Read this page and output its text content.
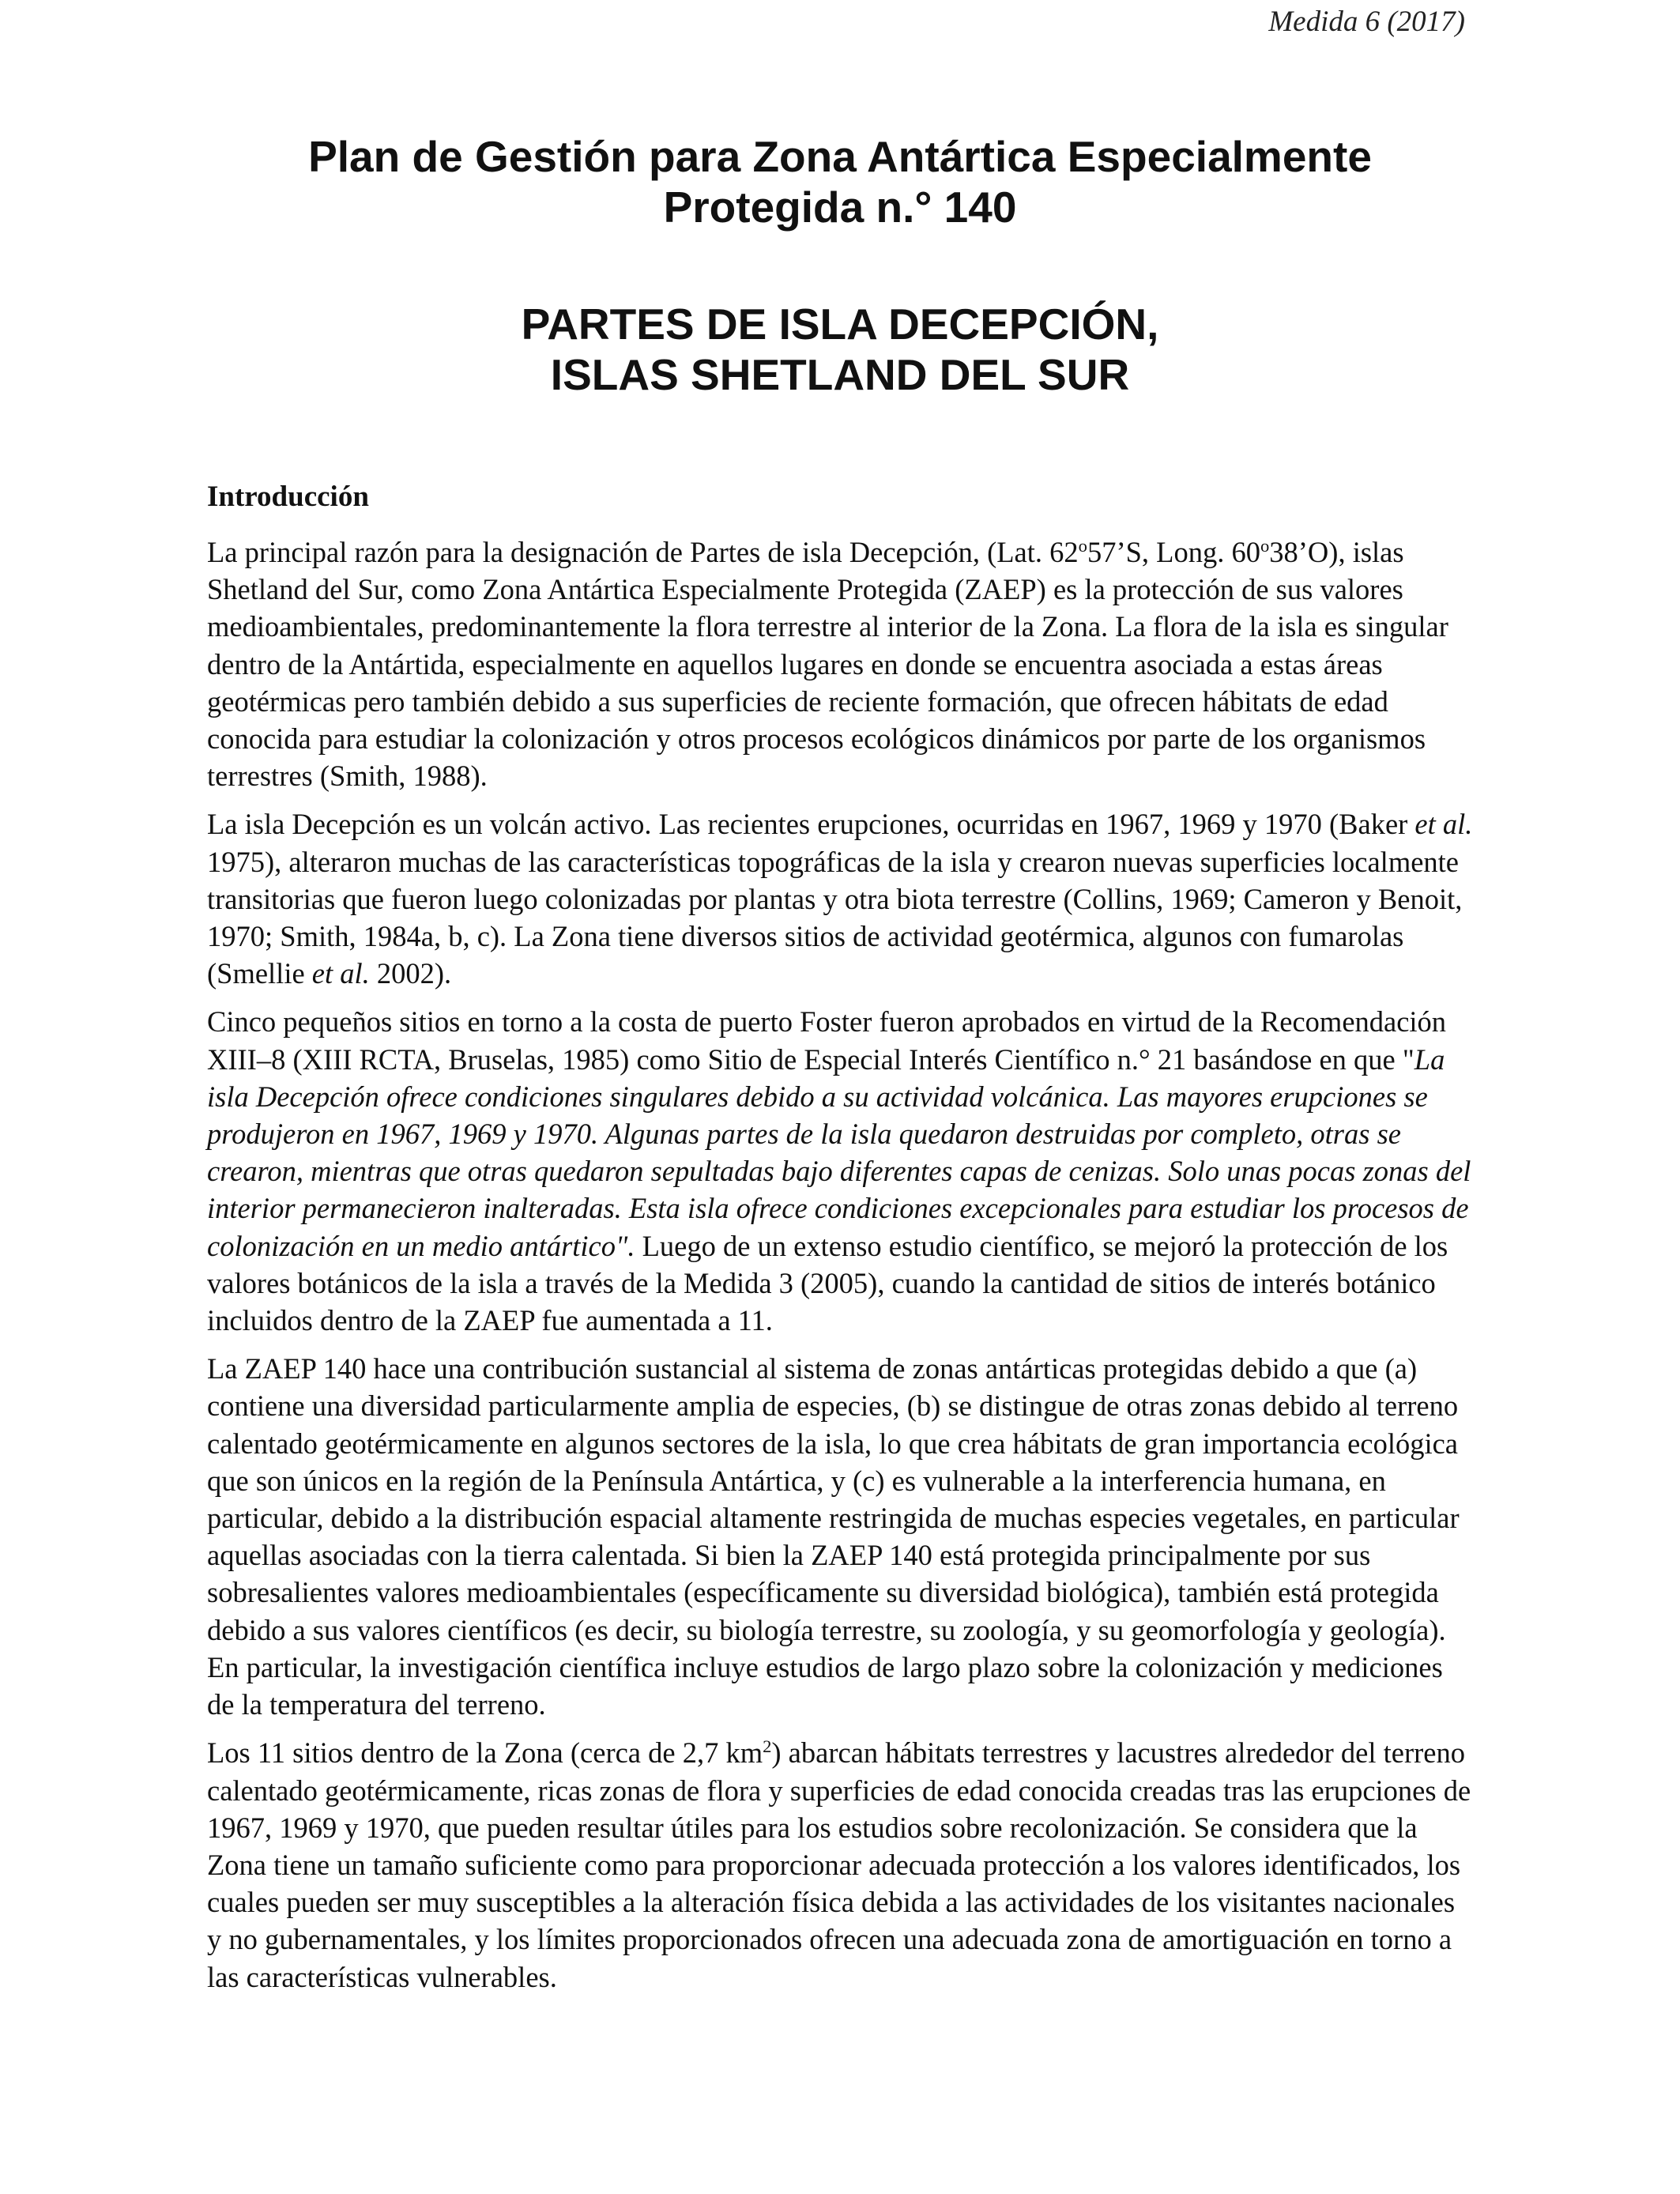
Medida 6 (2017)
Plan de Gestión para Zona Antártica Especialmente
Protegida n.° 140
PARTES DE ISLA DECEPCIÓN,
ISLAS SHETLAND DEL SUR
Introducción

La principal razón para la designación de Partes de isla Decepción, (Lat. 62$^o$57’S, Long. 60$^o$38’O), islas Shetland del Sur, como Zona Antártica Especialmente Protegida (ZAEP) es la protección de sus valores medioambientales, predominantemente la flora terrestre al interior de la Zona. La flora de la isla es singular dentro de la Antártida, especialmente en aquellos lugares en donde se encuentra asociada a estas áreas geotérmicas pero también debido a sus superficies de reciente formación, que ofrecen hábitats de edad conocida para estudiar la colonización y otros procesos ecológicos dinámicos por parte de los organismos terrestres (Smith, 1988).

La isla Decepción es un volcán activo. Las recientes erupciones, ocurridas en 1967, 1969 y 1970 (Baker et al. 1975), alteraron muchas de las características topográficas de la isla y crearon nuevas superficies localmente transitorias que fueron luego colonizadas por plantas y otra biota terrestre (Collins, 1969; Cameron y Benoit, 1970; Smith, 1984a, b, c). La Zona tiene diversos sitios de actividad geotérmica, algunos con fumarolas (Smellie et al. 2002).

Cinco pequeños sitios en torno a la costa de puerto Foster fueron aprobados en virtud de la Recomendación XIII–8 (XIII RCTA, Bruselas, 1985) como Sitio de Especial Interés Científico n.° 21 basándose en que "La isla Decepción ofrece condiciones singulares debido a su actividad volcánica. Las mayores erupciones se produjeron en 1967, 1969 y 1970. Algunas partes de la isla quedaron destruidas por completo, otras se crearon, mientras que otras quedaron sepultadas bajo diferentes capas de cenizas. Solo unas pocas zonas del interior permanecieron inalteradas. Esta isla ofrece condiciones excepcionales para estudiar los procesos de colonización en un medio antártico". Luego de un extenso estudio científico, se mejoró la protección de los valores botánicos de la isla a través de la Medida 3 (2005), cuando la cantidad de sitios de interés botánico incluidos dentro de la ZAEP fue aumentada a 11.

La ZAEP 140 hace una contribución sustancial al sistema de zonas antárticas protegidas debido a que (a) contiene una diversidad particularmente amplia de especies, (b) se distingue de otras zonas debido al terreno calentado geotérmicamente en algunos sectores de la isla, lo que crea hábitats de gran importancia ecológica que son únicos en la región de la Península Antártica, y (c) es vulnerable a la interferencia humana, en particular, debido a la distribución espacial altamente restringida de muchas especies vegetales, en particular aquellas asociadas con la tierra calentada. Si bien la ZAEP 140 está protegida principalmente por sus sobresalientes valores medioambientales (específicamente su diversidad biológica), también está protegida debido a sus valores científicos (es decir, su biología terrestre, su zoología, y su geomorfología y geología). En particular, la investigación científica incluye estudios de largo plazo sobre la colonización y mediciones de la temperatura del terreno.

Los 11 sitios dentro de la Zona (cerca de 2,7 $km^2$) abarcan hábitats terrestres y lacustres alrededor del terreno calentado geotérmicamente, ricas zonas de flora y superficies de edad conocida creadas tras las erupciones de 1967, 1969 y 1970, que pueden resultar útiles para los estudios sobre recolonización. Se considera que la Zona tiene un tamaño suficiente como para proporcionar adecuada protección a los valores identificados, los cuales pueden ser muy susceptibles a la alteración física debida a las actividades de los visitantes nacionales y no gubernamentales, y los límites proporcionados ofrecen una adecuada zona de amortiguación en torno a las características vulnerables.
